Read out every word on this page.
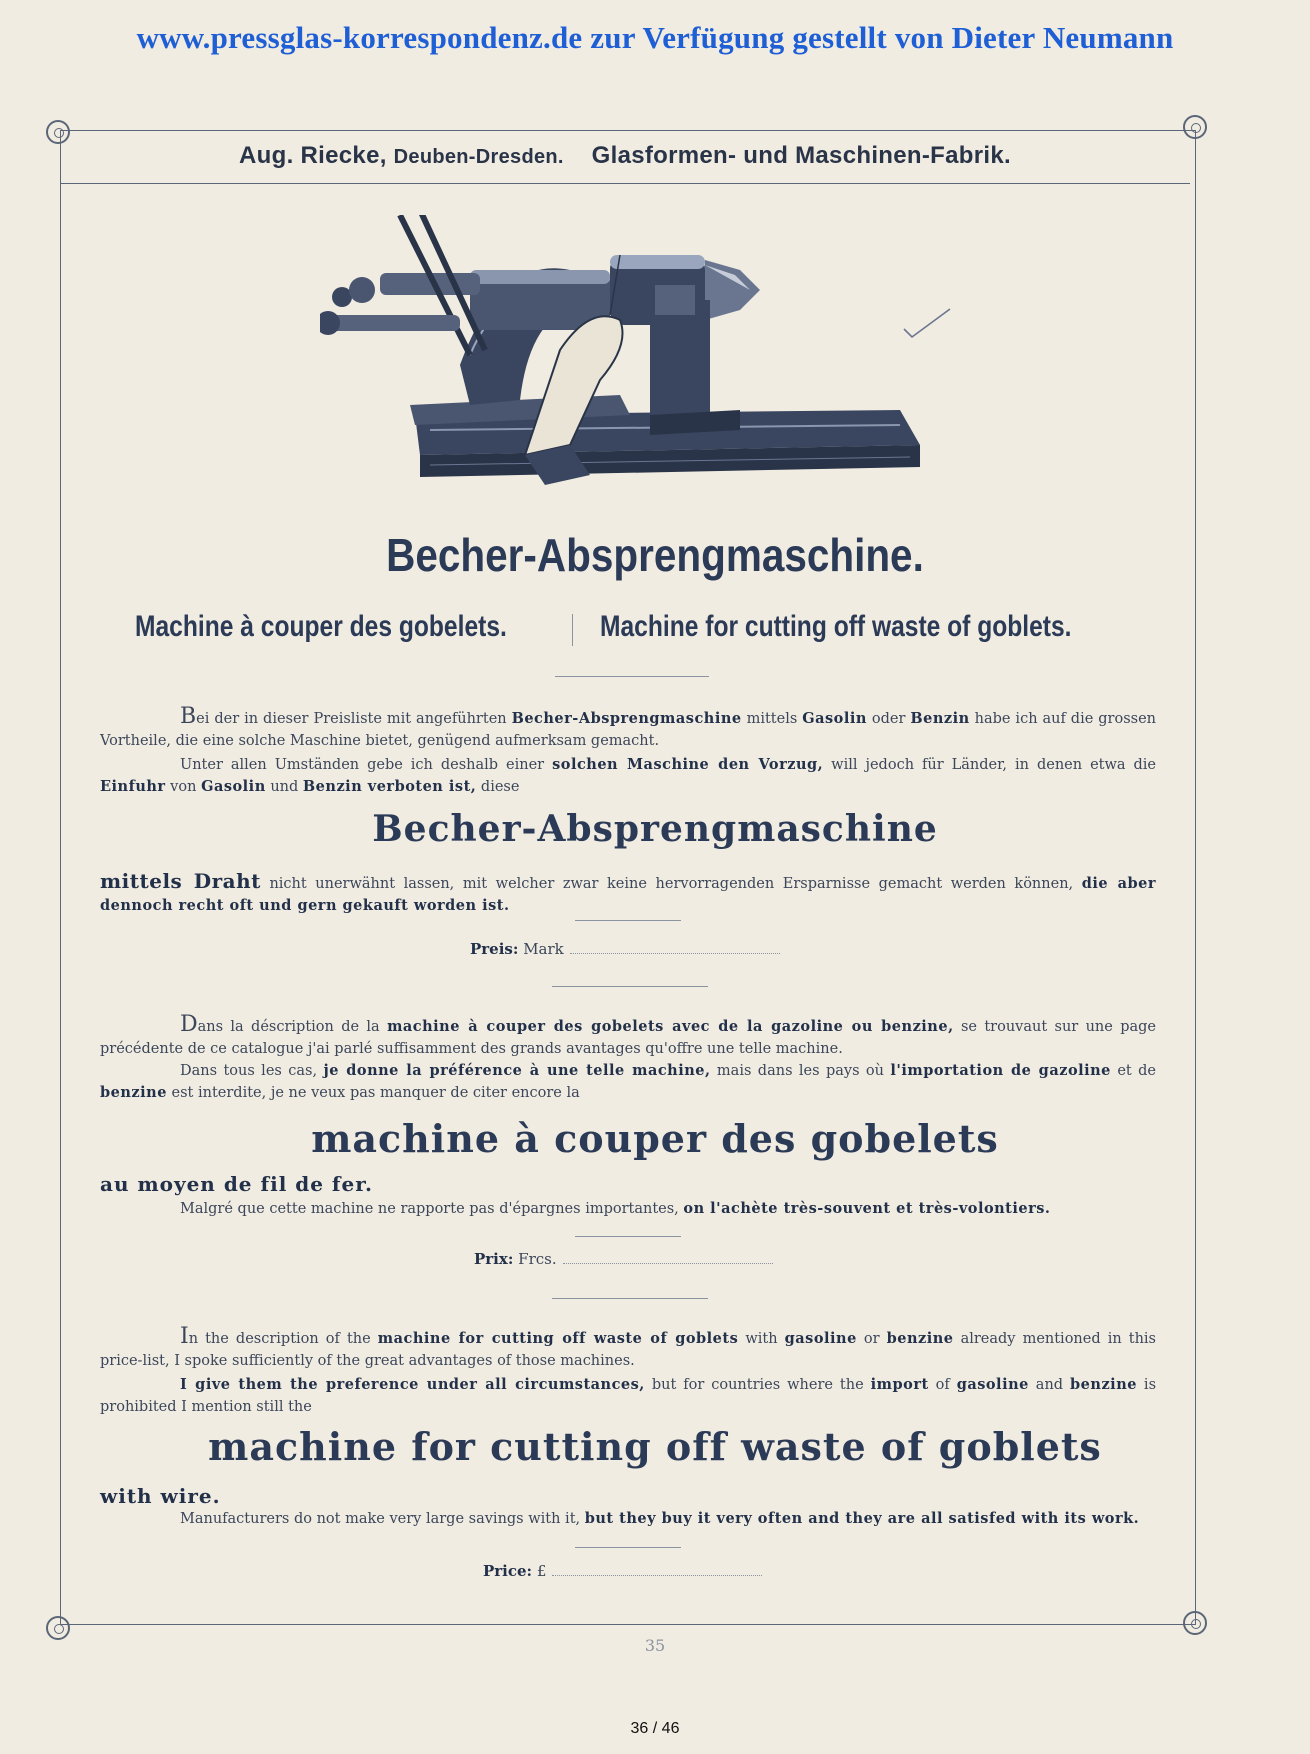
www.pressglas-korrespondenz.de zur Verfügung gestellt von Dieter Neumann
Aug. Riecke, Deuben-Dresden. Glasformen- und Maschinen-Fabrik.
Becher-Absprengmaschine.
Machine à couper des gobelets.	Machine for cutting off waste of goblets.
Bei der in dieser Preisliste mit angeführten Becher-Absprengmaschine mittels Gasolin oder Benzin habe ich auf die grossen Vortheile, die eine solche Maschine bietet, genügend aufmerksam gemacht.
Unter allen Umständen gebe ich deshalb einer solchen Maschine den Vorzug, will jedoch für Länder, in denen etwa die Einfuhr von Gasolin und Benzin verboten ist, diese
Becher-Absprengmaschine
mittels Draht nicht unerwähnt lassen, mit welcher zwar keine hervorragenden Ersparnisse gemacht werden können, die aber dennoch recht oft und gern gekauft worden ist.
Preis: Mark
Dans la déscription de la machine à couper des gobelets avec de la gazoline ou benzine, se trouvaut sur une page précédente de ce catalogue j'ai parlé suffisamment des grands avantages qu'offre une telle machine.
Dans tous les cas, je donne la préférence à une telle machine, mais dans les pays où l'importation de gazoline et de benzine est interdite, je ne veux pas manquer de citer encore la
machine à couper des gobelets
au moyen de fil de fer.
Malgré que cette machine ne rapporte pas d'épargnes importantes, on l'achète très-souvent et très-volontiers.
Prix: Frcs.
In the description of the machine for cutting off waste of goblets with gasoline or benzine already mentioned in this price-list, I spoke sufficiently of the great advantages of those machines.
I give them the preference under all circumstances, but for countries where the import of gasoline and benzine is prohibited I mention still the
machine for cutting off waste of goblets
with wire.
Manufacturers do not make very large savings with it, but they buy it very often and they are all satisfed with its work.
Price: £
35
36 / 46
